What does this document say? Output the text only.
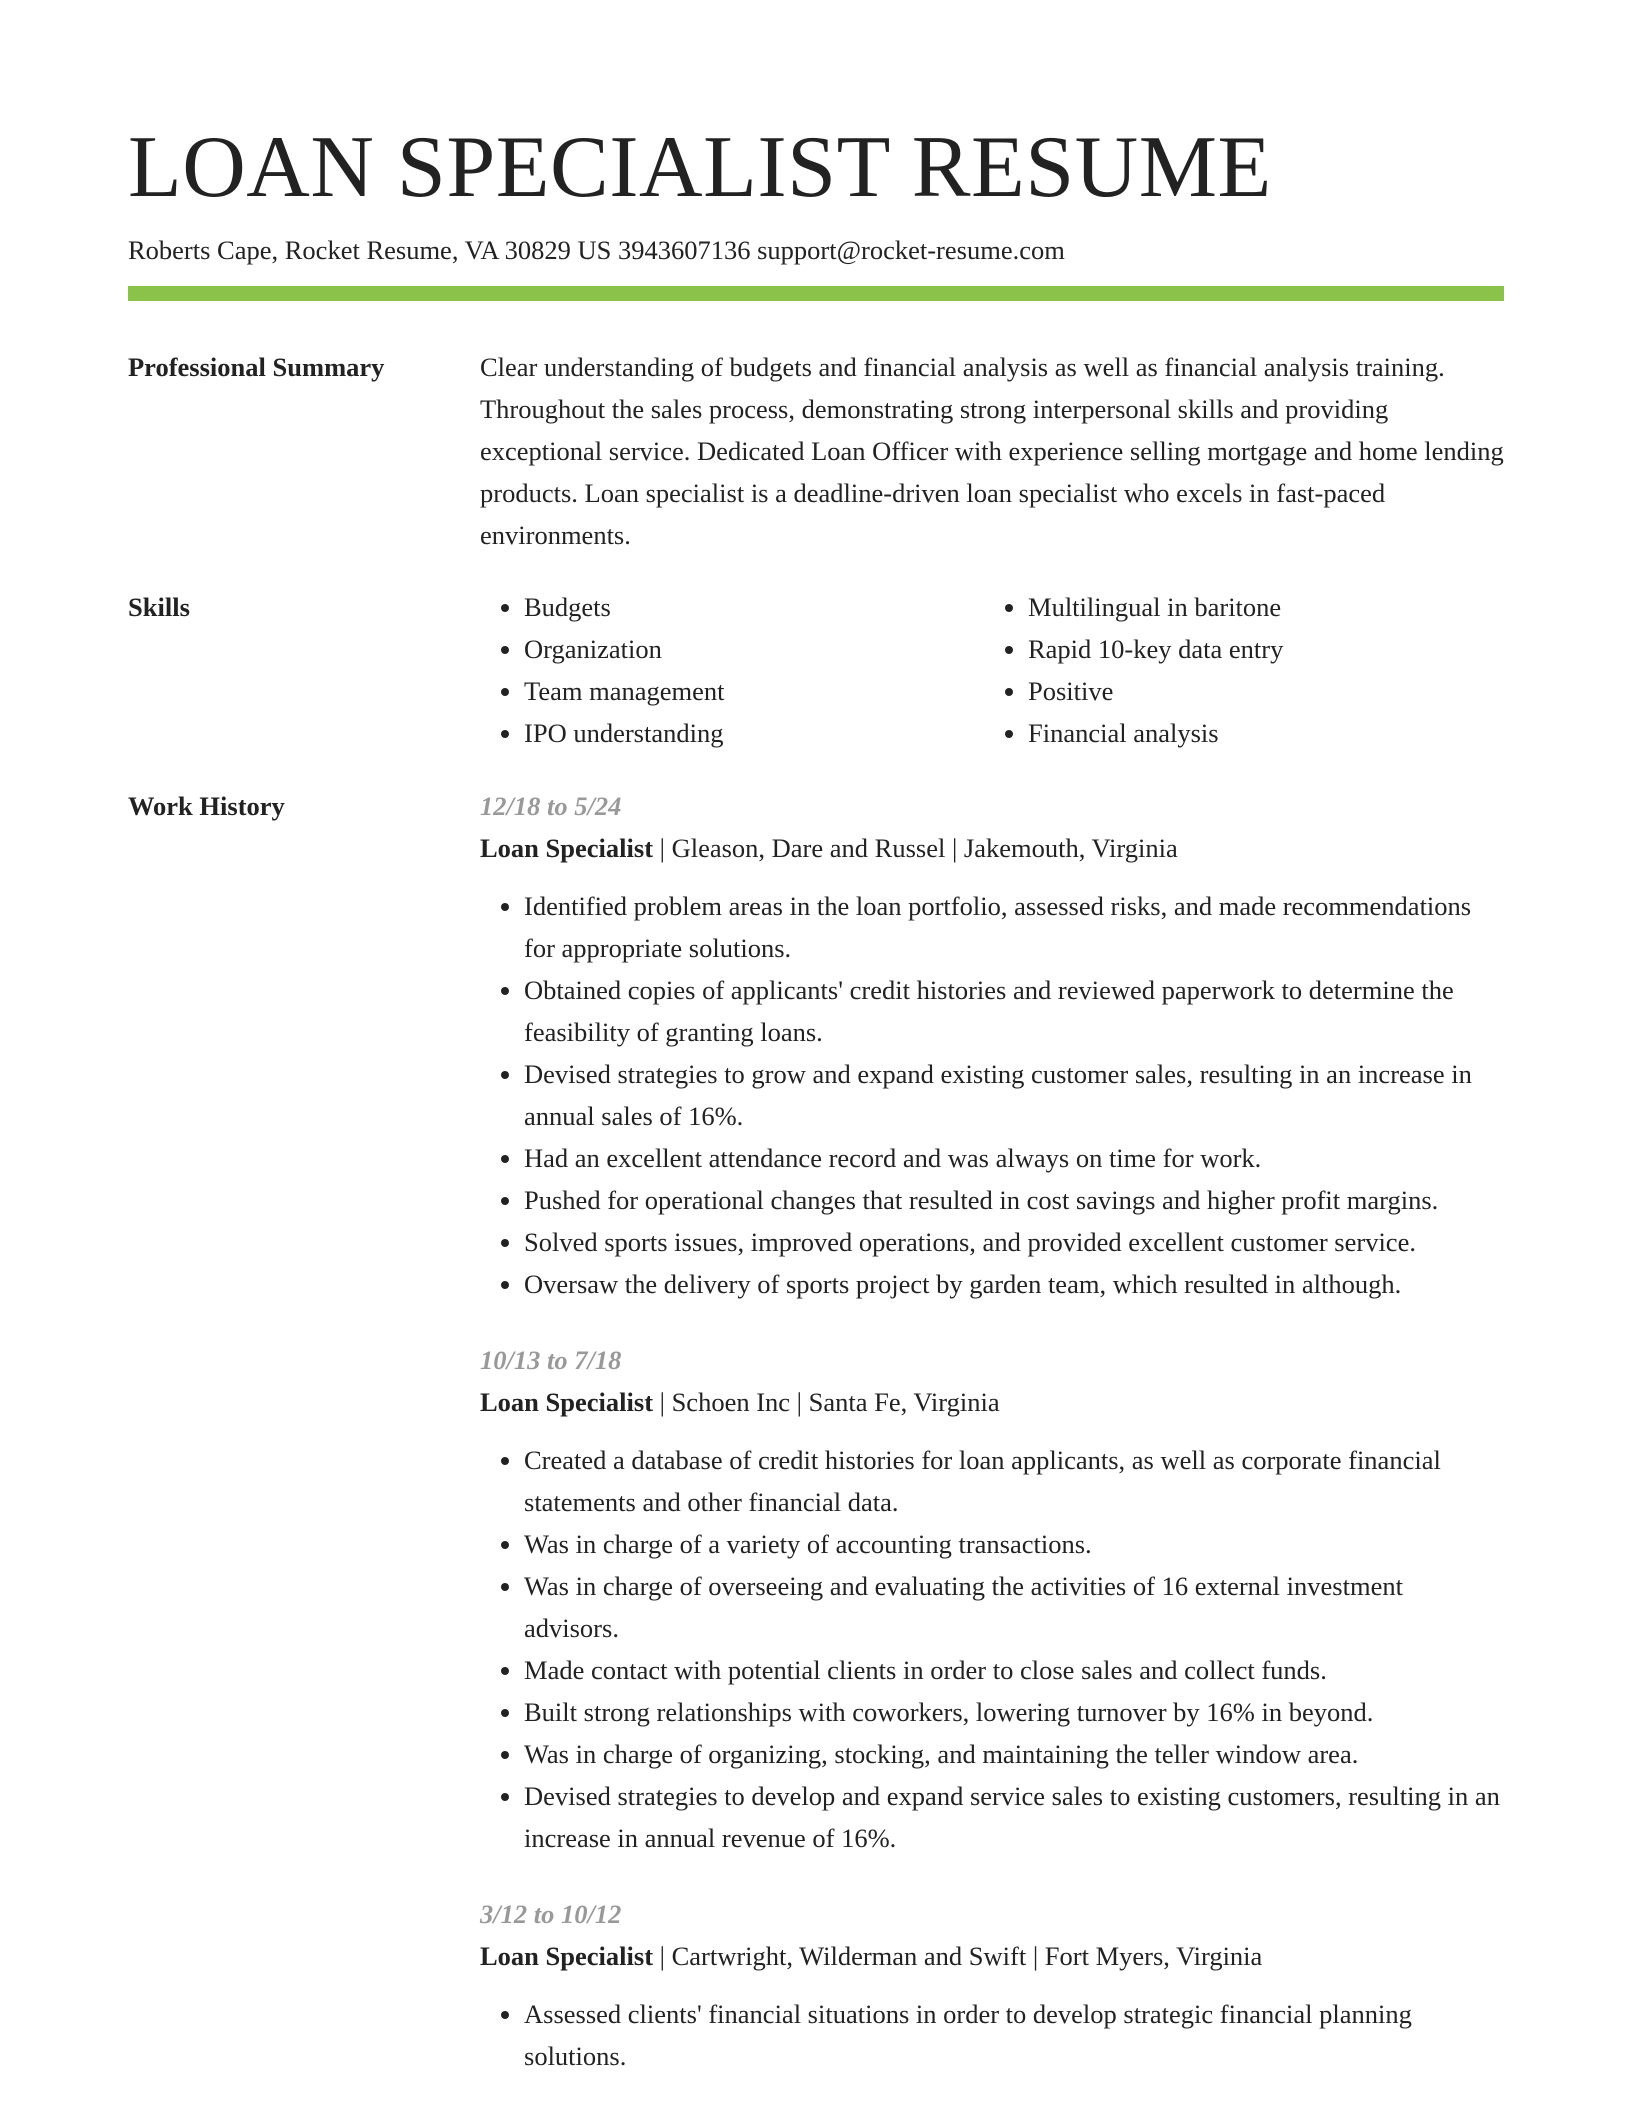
LOAN SPECIALIST RESUME
Roberts Cape, Rocket Resume, VA 30829 US 3943607136 support@rocket-resume.com
Professional Summary	Clear understanding of budgets and financial analysis as well as financial analysis training. Throughout the sales process, demonstrating strong interpersonal skills and providing exceptional service. Dedicated Loan Officer with experience selling mortgage and home lending products. Loan specialist is a deadline-driven loan specialist who excels in fast-paced environments.

Skills
•	Budgets
• Organization
• Team management
• IPO understanding
• Multilingual in baritone
• Rapid 10-key data entry
• Positive
• Financial analysis
Work History	12/18 to 5/24
Loan Specialist | Gleason, Dare and Russel | Jakemouth, Virginia
• Identified problem areas in the loan portfolio, assessed risks, and made recommendations for appropriate solutions.
• Obtained copies of applicants' credit histories and reviewed paperwork to determine the feasibility of granting loans.
• Devised strategies to grow and expand existing customer sales, resulting in an increase in annual sales of 16%.
• Had an excellent attendance record and was always on time for work.
• Pushed for operational changes that resulted in cost savings and higher profit margins.
• Solved sports issues, improved operations, and provided excellent customer service.
• Oversaw the delivery of sports project by garden team, which resulted in although.
10/13 to 7/18
Loan Specialist | Schoen Inc | Santa Fe, Virginia
• Created a database of credit histories for loan applicants, as well as corporate financial statements and other financial data.
• Was in charge of a variety of accounting transactions.
• Was in charge of overseeing and evaluating the activities of 16 external investment advisors.
• Made contact with potential clients in order to close sales and collect funds.
• Built strong relationships with coworkers, lowering turnover by 16% in beyond.
• Was in charge of organizing, stocking, and maintaining the teller window area.
• Devised strategies to develop and expand service sales to existing customers, resulting in an increase in annual revenue of 16%.
3/12 to 10/12
Loan Specialist | Cartwright, Wilderman and Swift | Fort Myers, Virginia
• Assessed clients' financial situations in order to develop strategic financial planning solutions.
